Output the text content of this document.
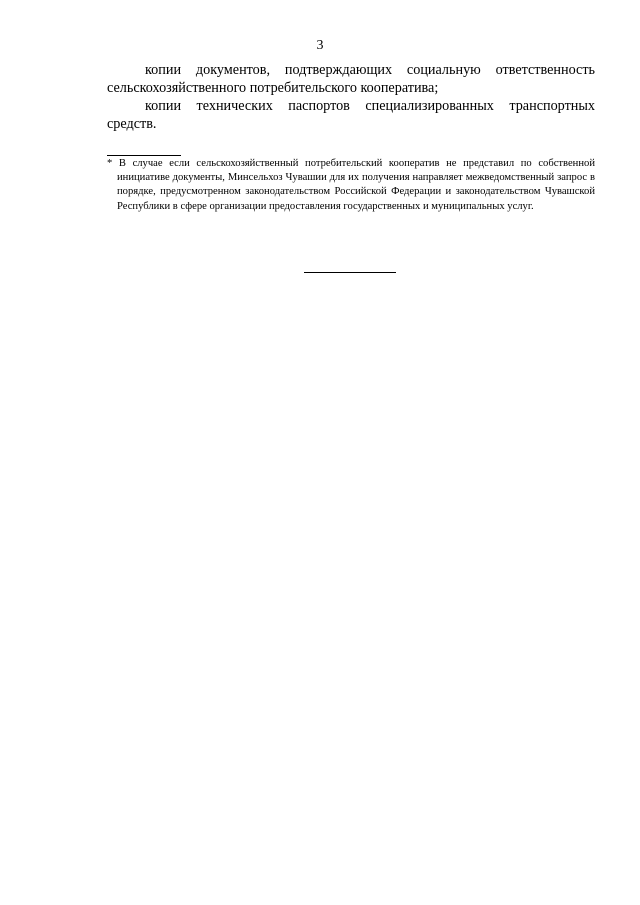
3

копии документов, подтверждающих социальную ответственность сельскохозяйственного потребительского кооператива;

копии технических паспортов специализированных транспортных средств.

* В случае если сельскохозяйственный потребительский кооператив не представил по собственной инициативе документы, Минсельхоз Чувашии для их получения направляет межведомственный запрос в порядке, предусмотренном законодательством Российской Федерации и законодательством Чувашской Республики в сфере организации предоставления государственных и муниципальных услуг.
